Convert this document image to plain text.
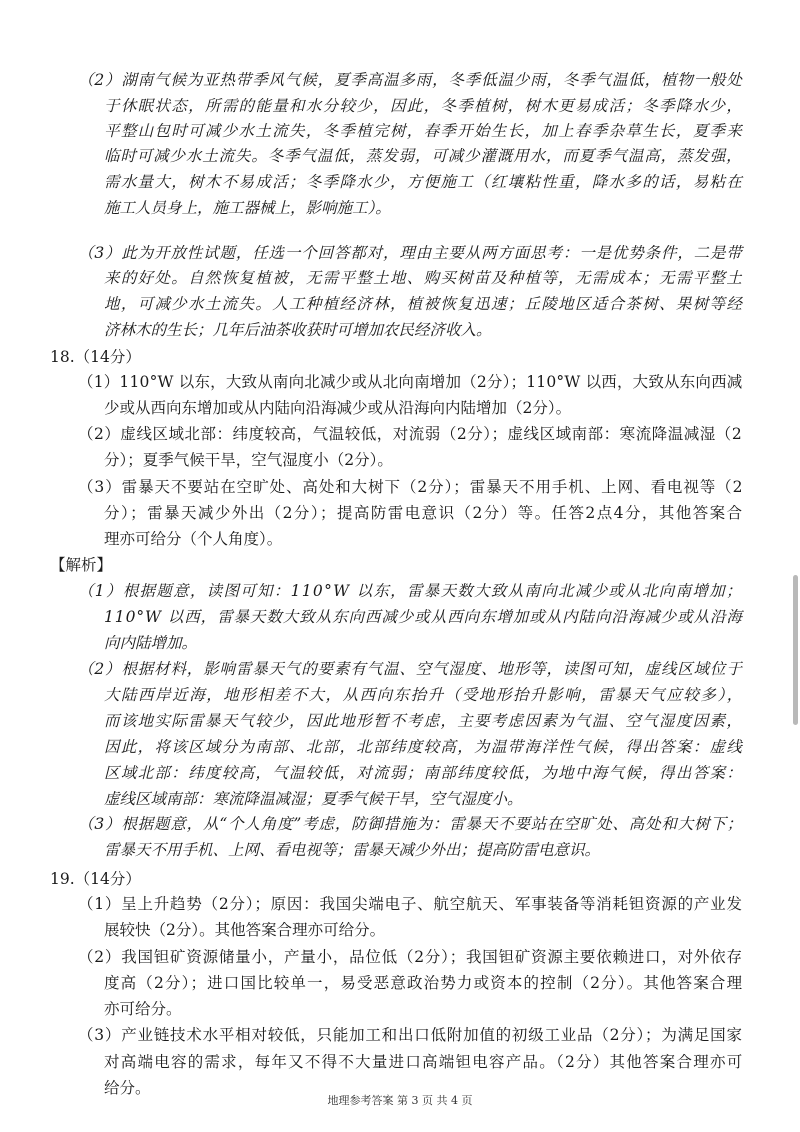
（2）湖南气候为亚热带季风气候，夏季高温多雨，冬季低温少雨，冬季气温低，植物一般处
于休眠状态，所需的能量和水分较少，因此，冬季植树，树木更易成活；冬季降水少，
平整山包时可减少水土流失，冬季植完树，春季开始生长，加上春季杂草生长，夏季来
临时可减少水土流失。冬季气温低，蒸发弱，可减少灌溉用水，而夏季气温高，蒸发强，
需水量大，树木不易成活；冬季降水少，方便施工（红壤粘性重，降水多的话，易粘在
施工人员身上，施工器械上，影响施工）。
（3）此为开放性试题，任选一个回答都对，理由主要从两方面思考：一是优势条件，二是带
来的好处。自然恢复植被，无需平整土地、购买树苗及种植等，无需成本；无需平整土
地，可减少水土流失。人工种植经济林，植被恢复迅速；丘陵地区适合茶树、果树等经
济林木的生长；几年后油茶收获时可增加农民经济收入。
18.（14分）
（1）110°W 以东，大致从南向北减少或从北向南增加（2分）；110°W 以西，大致从东向西减
少或从西向东增加或从内陆向沿海减少或从沿海向内陆增加（2分）。
（2）虚线区域北部：纬度较高，气温较低，对流弱（2分）；虚线区域南部：寒流降温减湿（2
分）；夏季气候干旱，空气湿度小（2分）。
（3）雷暴天不要站在空旷处、高处和大树下（2分）；雷暴天不用手机、上网、看电视等（2
分）；雷暴天减少外出（2分）；提高防雷电意识（2分）等。任答2点4分，其他答案合
理亦可给分（个人角度）。
【解析】
（1）根据题意，读图可知：110°W 以东，雷暴天数大致从南向北减少或从北向南增加；
110°W 以西，雷暴天数大致从东向西减少或从西向东增加或从内陆向沿海减少或从沿海
向内陆增加。
（2）根据材料，影响雷暴天气的要素有气温、空气湿度、地形等，读图可知，虚线区域位于
大陆西岸近海，地形相差不大，从西向东抬升（受地形抬升影响，雷暴天气应较多），
而该地实际雷暴天气较少，因此地形暂不考虑，主要考虑因素为气温、空气湿度因素，
因此，将该区域分为南部、北部，北部纬度较高，为温带海洋性气候，得出答案：虚线
区域北部：纬度较高，气温较低，对流弱；南部纬度较低，为地中海气候，得出答案：
虚线区域南部：寒流降温减湿；夏季气候干旱，空气湿度小。
（3）根据题意，从“个人角度”考虑，防御措施为：雷暴天不要站在空旷处、高处和大树下；
雷暴天不用手机、上网、看电视等；雷暴天减少外出；提高防雷电意识。
19.（14分）
（1）呈上升趋势（2分）；原因：我国尖端电子、航空航天、军事装备等消耗钽资源的产业发
展较快（2分）。其他答案合理亦可给分。
（2）我国钽矿资源储量小，产量小，品位低（2分）；我国钽矿资源主要依赖进口，对外依存
度高（2分）；进口国比较单一，易受恶意政治势力或资本的控制（2分）。其他答案合理
亦可给分。
（3）产业链技术水平相对较低，只能加工和出口低附加值的初级工业品（2分）；为满足国家
对高端电容的需求，每年又不得不大量进口高端钽电容产品。（2分）其他答案合理亦可
给分。
地理参考答案 第 3 页 共 4 页
